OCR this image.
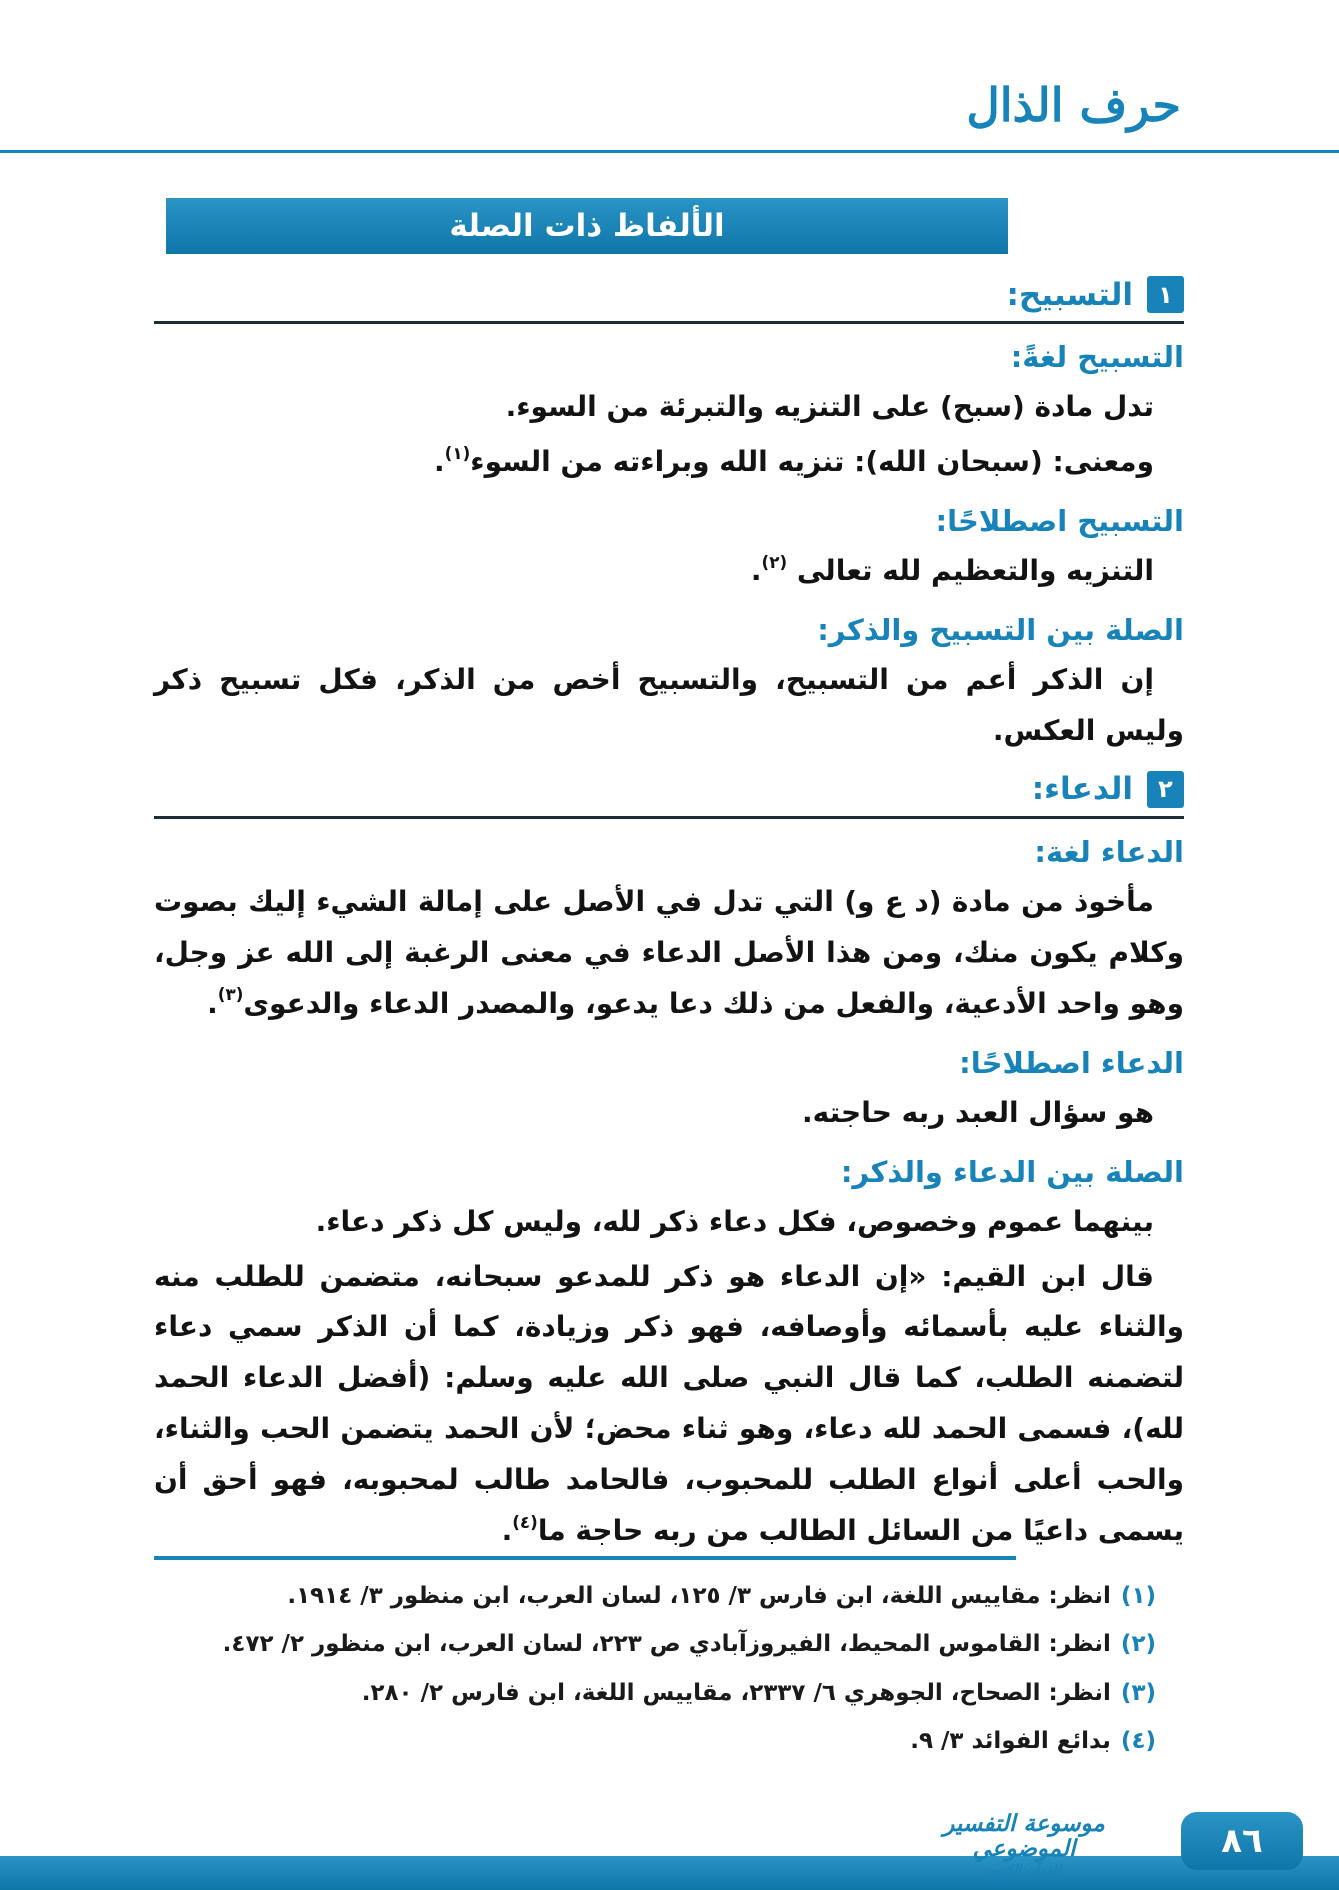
حرف الذال
الألفاظ ذات الصلة
١
التسبيح:
التسبيح لغةً:

تدل مادة (سبح) على التنزيه والتبرئة من السوء.

ومعنى: (سبحان الله): تنزيه الله وبراءته من السوء$^{(١)}$.

التسبيح اصطلاحًا:

التنزيه والتعظيم لله تعالى $^{(٢)}$.

الصلة بين التسبيح والذكر:

إن الذكر أعم من التسبيح، والتسبيح أخص من الذكر، فكل تسبيح ذكر وليس العكس.

٢
الدعاء:
الدعاء لغة:

مأخوذ من مادة (د ع و) التي تدل في الأصل على إمالة الشيء إليك بصوت وكلام يكون منك، ومن هذا الأصل الدعاء في معنى الرغبة إلى الله عز وجل، وهو واحد الأدعية، والفعل من ذلك دعا يدعو، والمصدر الدعاء والدعوى$^{(٣)}$.

الدعاء اصطلاحًا:

هو سؤال العبد ربه حاجته.

الصلة بين الدعاء والذكر:

بينهما عموم وخصوص، فكل دعاء ذكر لله، وليس كل ذكر دعاء.

قال ابن القيم: «إن الدعاء هو ذكر للمدعو سبحانه، متضمن للطلب منه والثناء عليه بأسمائه وأوصافه، فهو ذكر وزيادة، كما أن الذكر سمي دعاء لتضمنه الطلب، كما قال النبي صلى الله عليه وسلم: (أفضل الدعاء الحمد لله)، فسمى الحمد لله دعاء، وهو ثناء محض؛ لأن الحمد يتضمن الحب والثناء، والحب أعلى أنواع الطلب للمحبوب، فالحامد طالب لمحبوبه، فهو أحق أن يسمى داعيًا من السائل الطالب من ربه حاجة ما$^{(٤)}$.

(١)انظر: مقاييس اللغة، ابن فارس ٣/ ١٢٥، لسان العرب، ابن منظور ٣/ ١٩١٤.
(٢)انظر: القاموس المحيط، الفيروزآبادي ص ٢٢٣، لسان العرب، ابن منظور ٢/ ٤٧٢.
(٣)انظر: الصحاح، الجوهري ٦/ ٢٣٣٧، مقاييس اللغة، ابن فارس ٢/ ٢٨٠.
(٤)بدائع الفوائد ٣/ ٩.
موسوعة التفسير الموضوعي
للقرآن الكريم
٨٦
